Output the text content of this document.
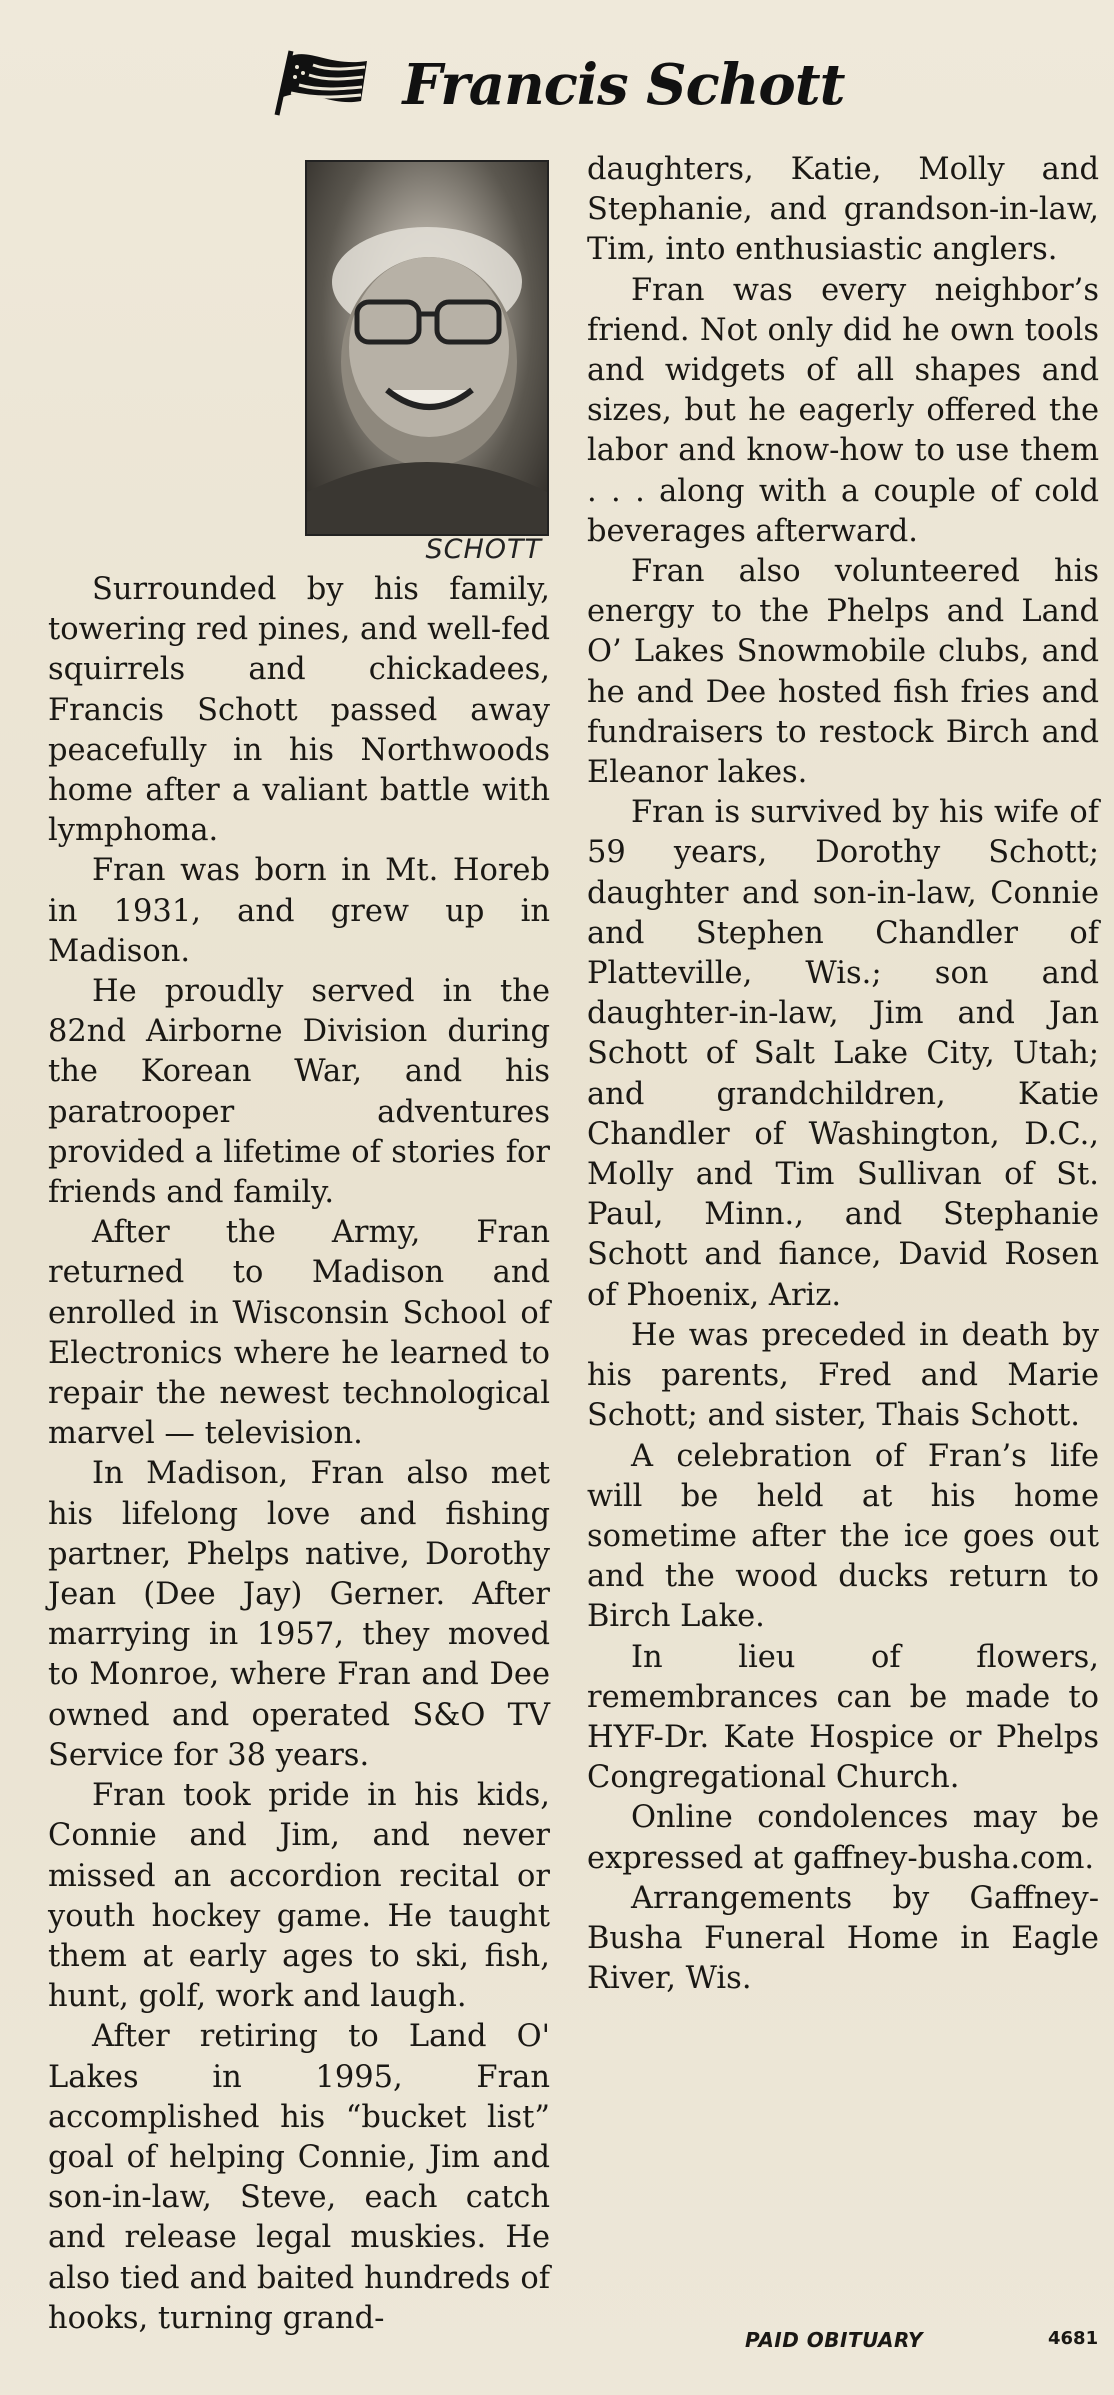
Francis Schott
SCHOTT

Surrounded by his family, towering red pines, and well-fed squirrels and chickadees, Francis Schott passed away peacefully in his Northwoods home after a valiant battle with lymphoma.

Fran was born in Mt. Horeb in 1931, and grew up in Madison.

He proudly served in the 82nd Airborne Division during the Korean War, and his paratrooper adventures provided a lifetime of stories for friends and family.

After the Army, Fran returned to Madison and enrolled in Wisconsin School of Electronics where he learned to repair the newest technological marvel — television.

In Madison, Fran also met his lifelong love and fishing partner, Phelps native, Dorothy Jean (Dee Jay) Gerner. After marrying in 1957, they moved to Monroe, where Fran and Dee owned and operated S&O TV Service for 38 years.

Fran took pride in his kids, Connie and Jim, and never missed an accordion recital or youth hockey game. He taught them at early ages to ski, fish, hunt, golf, work and laugh.

After retiring to Land O' Lakes in 1995, Fran accomplished his “bucket list” goal of helping Connie, Jim and son-in-law, Steve, each catch and release legal muskies. He also tied and baited hundreds of hooks, turning grand-

daughters, Katie, Molly and Stephanie, and grandson-in-law, Tim, into enthusiastic anglers.

Fran was every neighbor’s friend. Not only did he own tools and widgets of all shapes and sizes, but he eagerly offered the labor and know-how to use them . . . along with a couple of cold beverages afterward.

Fran also volunteered his energy to the Phelps and Land O’ Lakes Snowmobile clubs, and he and Dee hosted fish fries and fundraisers to restock Birch and Eleanor lakes.

Fran is survived by his wife of 59 years, Dorothy Schott; daughter and son-in-law, Connie and Stephen Chandler of Platteville, Wis.; son and daughter-in-law, Jim and Jan Schott of Salt Lake City, Utah; and grandchildren, Katie Chandler of Washington, D.C., Molly and Tim Sullivan of St. Paul, Minn., and Stephanie Schott and fiance, David Rosen of Phoenix, Ariz.

He was preceded in death by his parents, Fred and Marie Schott; and sister, Thais Schott.

A celebration of Fran’s life will be held at his home sometime after the ice goes out and the wood ducks return to Birch Lake.

In lieu of flowers, remembrances can be made to HYF-Dr. Kate Hospice or Phelps Congregational Church.

Online condolences may be expressed at gaffney-busha.com.

Arrangements by Gaffney-Busha Funeral Home in Eagle River, Wis.

PAID OBITUARY	4681
